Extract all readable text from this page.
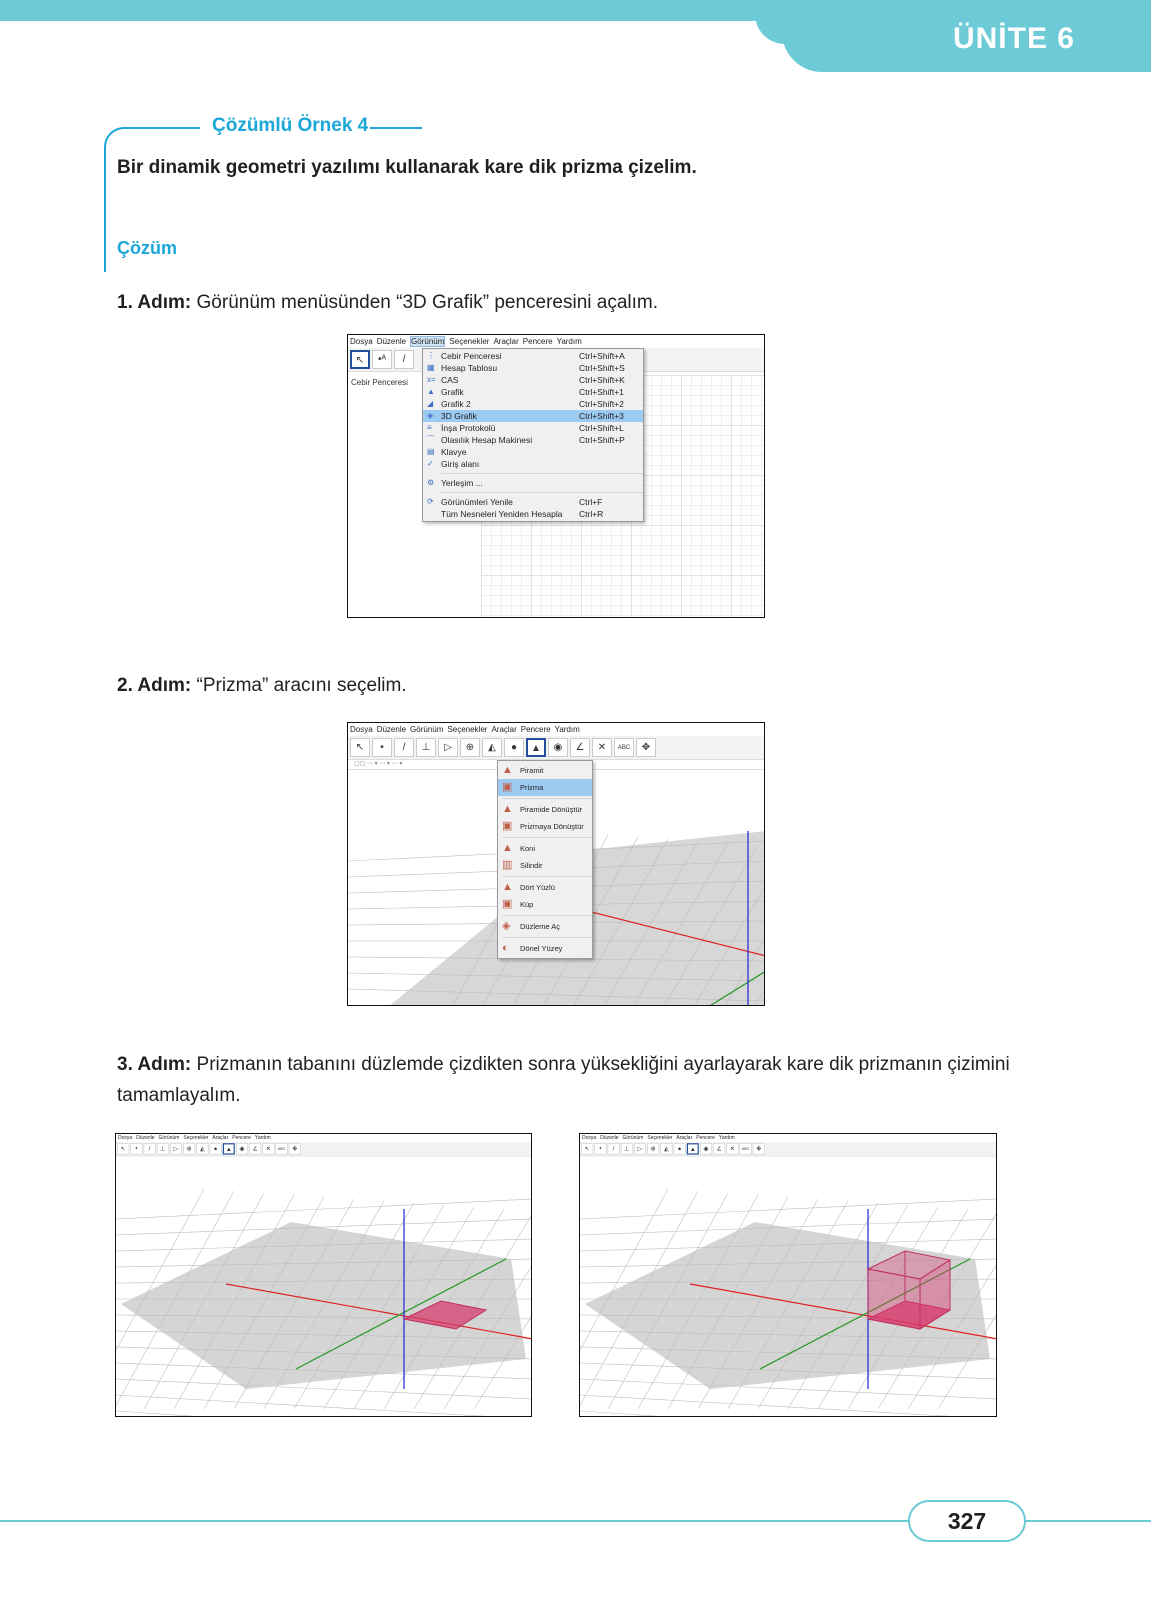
ÜNİTE 6
Çözümlü Örnek 4
Bir dinamik geometri yazılımı kullanarak kare dik prizma çizelim.
Çözüm
1. Adım: Görünüm menüsünden “3D Grafik” penceresini açalım.
2. Adım: “Prizma” aracını seçelim.
3. Adım: Prizmanın tabanını düzlemde çizdikten sonra yüksekliğini ayarlayarak kare dik prizmanın çizimini tamamlayalım.
Dosya Düzenle Görünüm Seçenekler Araçlar Pencere Yardım
↖	•ᴬ	/
Cebir Penceresi
⋮ Cebir Penceresi	Ctrl+Shift+A
▦ Hesap Tablosu	Ctrl+Shift+S
x= CAS	Ctrl+Shift+K
▲ Grafik	Ctrl+Shift+1
◢ Grafik 2	Ctrl+Shift+2
◈ 3D Grafik	Ctrl+Shift+3
≡	İnşa Protokolü	Ctrl+Shift+L
⌒ Olasılık Hesap Makinesi	Ctrl+Shift+P
▤ Klavye
✓ Giriş alanı
⚙ Yerleşim ...
⟳ Görünümleri Yenile	Ctrl+F
Tüm Nesneleri Yeniden Hesapla	Ctrl+R
Dosya Düzenle Görünüm Seçenekler Araçlar Pencere Yardım
↖	•	/	⊥	▷	⊕	◭	●	▲	◉	∠	✕	ABC	✥
▢▢ ⋯ ▾ ⋯ ▾ ⋯ ▾	▲ Piramit
▣	Prizma
▲ Piramide Dönüştür
▣	Prizmaya Dönüştür
▲ Koni
▥	Silindir
▲ Dört Yüzlü
▣	Küp
◈	Düzleme Aç
◐	Dönel Yüzey
Dosya Düzenle Görünüm Seçenekler Araçlar Pencere Yardım
↖ •	/ ⊥ ▷ ⊕ ◭ ● ▲ ◉ ∠ ✕	ABC ✥
Dosya Düzenle Görünüm Seçenekler Araçlar Pencere Yardım
↖ •	/ ⊥ ▷ ⊕ ◭ ● ▲ ◉ ∠ ✕	ABC ✥
327
